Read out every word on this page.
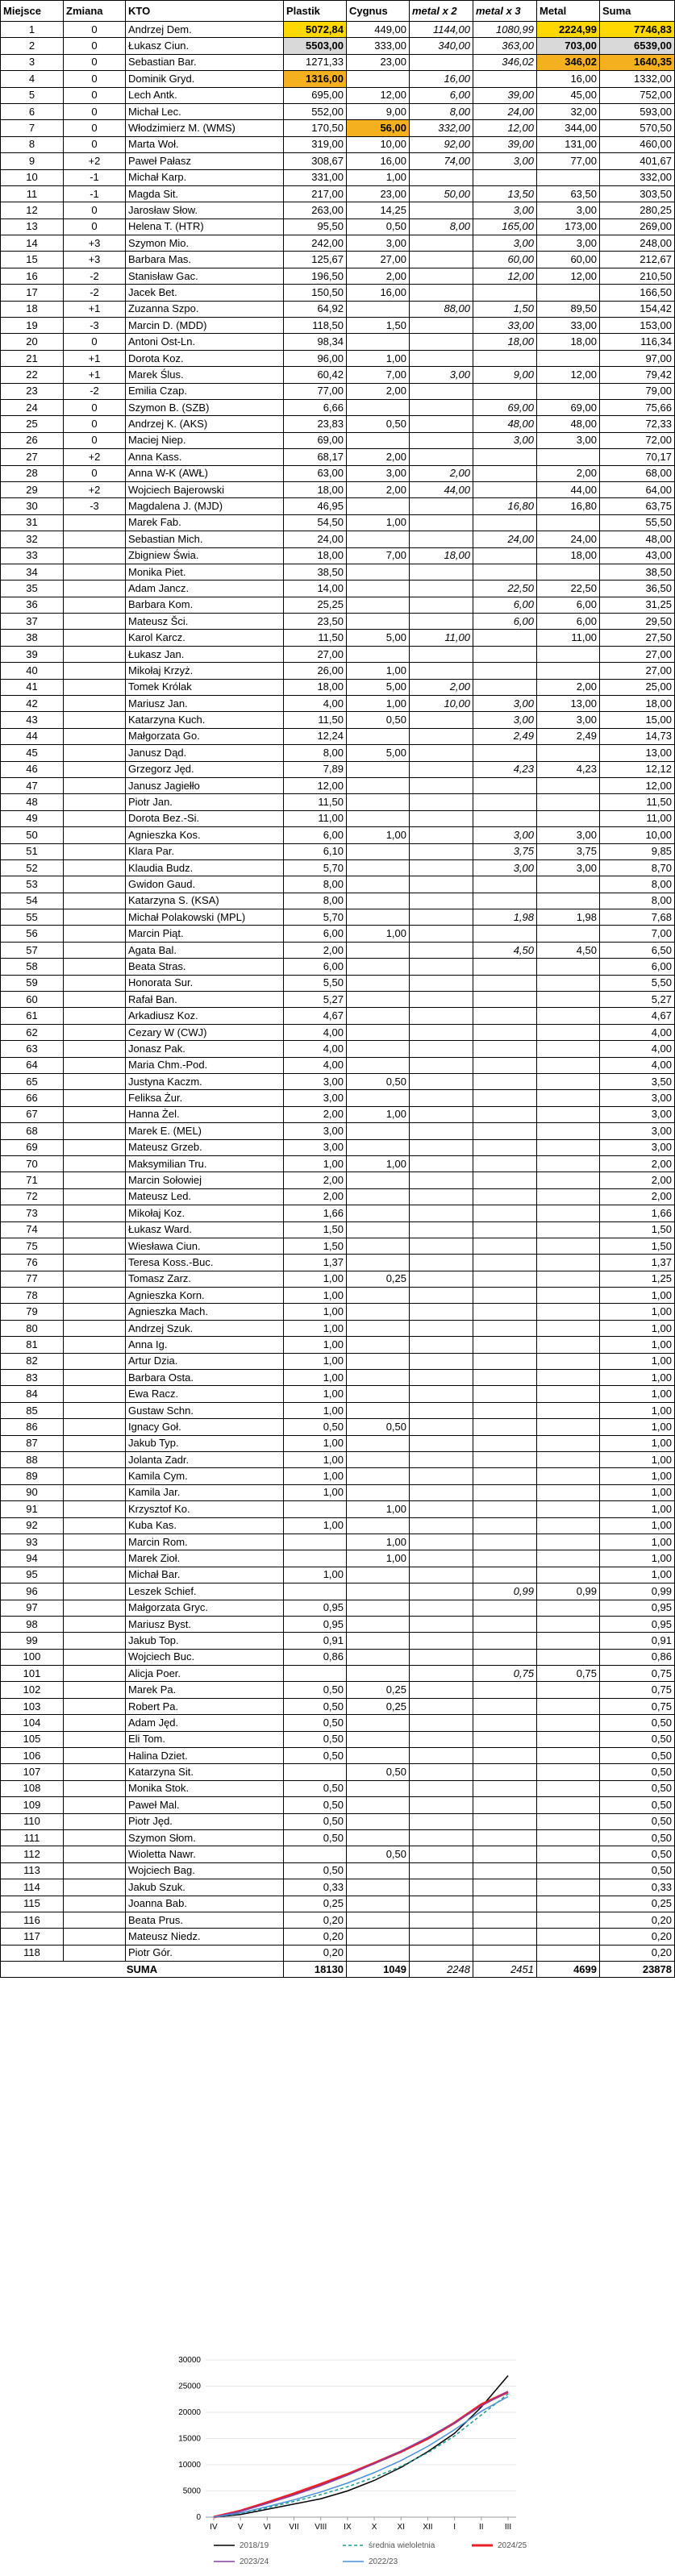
Miejsce	Zmiana	KTO	Plastik	Cygnus	metal x 2	metal x 3	Metal	Suma
1	0	Andrzej Dem.	5072,84	449,00	1144,00	1080,99	2224,99	7746,83
2	0	Łukasz Ciun.	5503,00	333,00	340,00	363,00	703,00	6539,00
3	0	Sebastian Bar.	1271,33	23,00		346,02	346,02	1640,35
4	0	Dominik Gryd.	1316,00		16,00		16,00	1332,00
5	0	Lech Antk.	695,00	12,00	6,00	39,00	45,00	752,00
6	0	Michał Lec.	552,00	9,00	8,00	24,00	32,00	593,00
7	0	Włodzimierz M. (WMS)	170,50	56,00	332,00	12,00	344,00	570,50
8	0	Marta Woł.	319,00	10,00	92,00	39,00	131,00	460,00
9	+2	Paweł Pałasz	308,67	16,00	74,00	3,00	77,00	401,67
10	-1	Michał Karp.	331,00	1,00				332,00
11	-1	Magda Sit.	217,00	23,00	50,00	13,50	63,50	303,50
12	0	Jarosław Słow.	263,00	14,25		3,00	3,00	280,25
13	0	Helena T. (HTR)	95,50	0,50	8,00	165,00	173,00	269,00
14	+3	Szymon Mio.	242,00	3,00		3,00	3,00	248,00
15	+3	Barbara Mas.	125,67	27,00		60,00	60,00	212,67
16	-2	Stanisław Gac.	196,50	2,00		12,00	12,00	210,50
17	-2	Jacek Bet.	150,50	16,00				166,50
18	+1	Zuzanna Szpo.	64,92		88,00	1,50	89,50	154,42
19	-3	Marcin D. (MDD)	118,50	1,50		33,00	33,00	153,00
20	0	Antoni Ost-Ln.	98,34			18,00	18,00	116,34
21	+1	Dorota Koz.	96,00	1,00				97,00
22	+1	Marek Ślus.	60,42	7,00	3,00	9,00	12,00	79,42
23	-2	Emilia Czap.	77,00	2,00				79,00
24	0	Szymon B. (SZB)	6,66			69,00	69,00	75,66
25	0	Andrzej K. (AKS)	23,83	0,50		48,00	48,00	72,33
26	0	Maciej Niep.	69,00			3,00	3,00	72,00
27	+2	Anna Kass.	68,17	2,00				70,17
28	0	Anna W-K (AWŁ)	63,00	3,00	2,00		2,00	68,00
29	+2	Wojciech Bajerowski	18,00	2,00	44,00		44,00	64,00
30	-3	Magdalena J. (MJD)	46,95			16,80	16,80	63,75
31		Marek Fab.	54,50	1,00				55,50
32		Sebastian Mich.	24,00			24,00	24,00	48,00
33		Zbigniew Świa.	18,00	7,00	18,00		18,00	43,00
34		Monika Piet.	38,50					38,50
35		Adam Jancz.	14,00			22,50	22,50	36,50
36		Barbara Kom.	25,25			6,00	6,00	31,25
37		Mateusz Šci.	23,50			6,00	6,00	29,50
38		Karol Karcz.	11,50	5,00	11,00		11,00	27,50
39		Łukasz Jan.	27,00					27,00
40		Mikołaj Krzyż.	26,00	1,00				27,00
41		Tomek Królak	18,00	5,00	2,00		2,00	25,00
42		Mariusz Jan.	4,00	1,00	10,00	3,00	13,00	18,00
43		Katarzyna Kuch.	11,50	0,50		3,00	3,00	15,00
44		Małgorzata Go.	12,24			2,49	2,49	14,73
45		Janusz Dąd.	8,00	5,00				13,00
46		Grzegorz Jęd.	7,89			4,23	4,23	12,12
47		Janusz Jagiełło	12,00					12,00
48		Piotr Jan.	11,50					11,50
49		Dorota Bez.-Si.	11,00					11,00
50		Agnieszka Kos.	6,00	1,00		3,00	3,00	10,00
51		Klara Par.	6,10			3,75	3,75	9,85
52		Klaudia Budz.	5,70			3,00	3,00	8,70
53		Gwidon Gaud.	8,00					8,00
54		Katarzyna S. (KSA)	8,00					8,00
55		Michał Polakowski (MPL)	5,70			1,98	1,98	7,68
56		Marcin Piąt.	6,00	1,00				7,00
57		Agata Bal.	2,00			4,50	4,50	6,50
58		Beata Stras.	6,00					6,00
59		Honorata Sur.	5,50					5,50
60		Rafał Ban.	5,27					5,27
61		Arkadiusz Koz.	4,67					4,67
62		Cezary W (CWJ)	4,00					4,00
63		Jonasz Pak.	4,00					4,00
64		Maria Chm.-Pod.	4,00					4,00
65		Justyna Kaczm.	3,00	0,50				3,50
66		Feliksa Żur.	3,00					3,00
67		Hanna Żel.	2,00	1,00				3,00
68		Marek E. (MEL)	3,00					3,00
69		Mateusz Grzeb.	3,00					3,00
70		Maksymilian Tru.	1,00	1,00				2,00
71		Marcin Sołowiej	2,00					2,00
72		Mateusz Led.	2,00					2,00
73		Mikołaj Koz.	1,66					1,66
74		Łukasz Ward.	1,50					1,50
75		Wiesława Ciun.	1,50					1,50
76		Teresa Koss.-Buc.	1,37					1,37
77		Tomasz Zarz.	1,00	0,25				1,25
78		Agnieszka Korn.	1,00					1,00
79		Agnieszka Mach.	1,00					1,00
80		Andrzej Szuk.	1,00					1,00
81		Anna Ig.	1,00					1,00
82		Artur Dzia.	1,00					1,00
83		Barbara Osta.	1,00					1,00
84		Ewa Racz.	1,00					1,00
85		Gustaw Schn.	1,00					1,00
86		Ignacy Goł.	0,50	0,50				1,00
87		Jakub Typ.	1,00					1,00
88		Jolanta Zadr.	1,00					1,00
89		Kamila Cym.	1,00					1,00
90		Kamila Jar.	1,00					1,00
91		Krzysztof Ko.		1,00				1,00
92		Kuba Kas.	1,00					1,00
93		Marcin Rom.		1,00				1,00
94		Marek Zioł.		1,00				1,00
95		Michał Bar.	1,00					1,00
96		Leszek Schief.				0,99	0,99	0,99
97		Małgorzata Gryc.	0,95					0,95
98		Mariusz Byst.	0,95					0,95
99		Jakub Top.	0,91					0,91
100		Wojciech Buc.	0,86					0,86
101		Alicja Poer.				0,75	0,75	0,75
102		Marek Pa.	0,50	0,25				0,75
103		Robert Pa.	0,50	0,25				0,75
104		Adam Jęd.	0,50					0,50
105		Eli Tom.	0,50					0,50
106		Halina Dziet.	0,50					0,50
107		Katarzyna Sit.		0,50				0,50
108		Monika Stok.	0,50					0,50
109		Paweł Mal.	0,50					0,50
110		Piotr Jęd.	0,50					0,50
111		Szymon Słom.	0,50					0,50
112		Wioletta Nawr.		0,50				0,50
113		Wojciech Bag.	0,50					0,50
114		Jakub Szuk.	0,33					0,33
115		Joanna Bab.	0,25					0,25
116		Beata Prus.	0,20					0,20
117		Mateusz Niedz.	0,20					0,20
118		Piotr Gór.	0,20					0,20
SUMA			18130	1049	2248	2451	4699	23878
0
5000
10000
15000
20000
25000
30000
IV	V	VI VII VIII IX	X	XI XII	I	II	III
2018/19	średnia wieloletnia	2024/25
2023/24	2022/23
